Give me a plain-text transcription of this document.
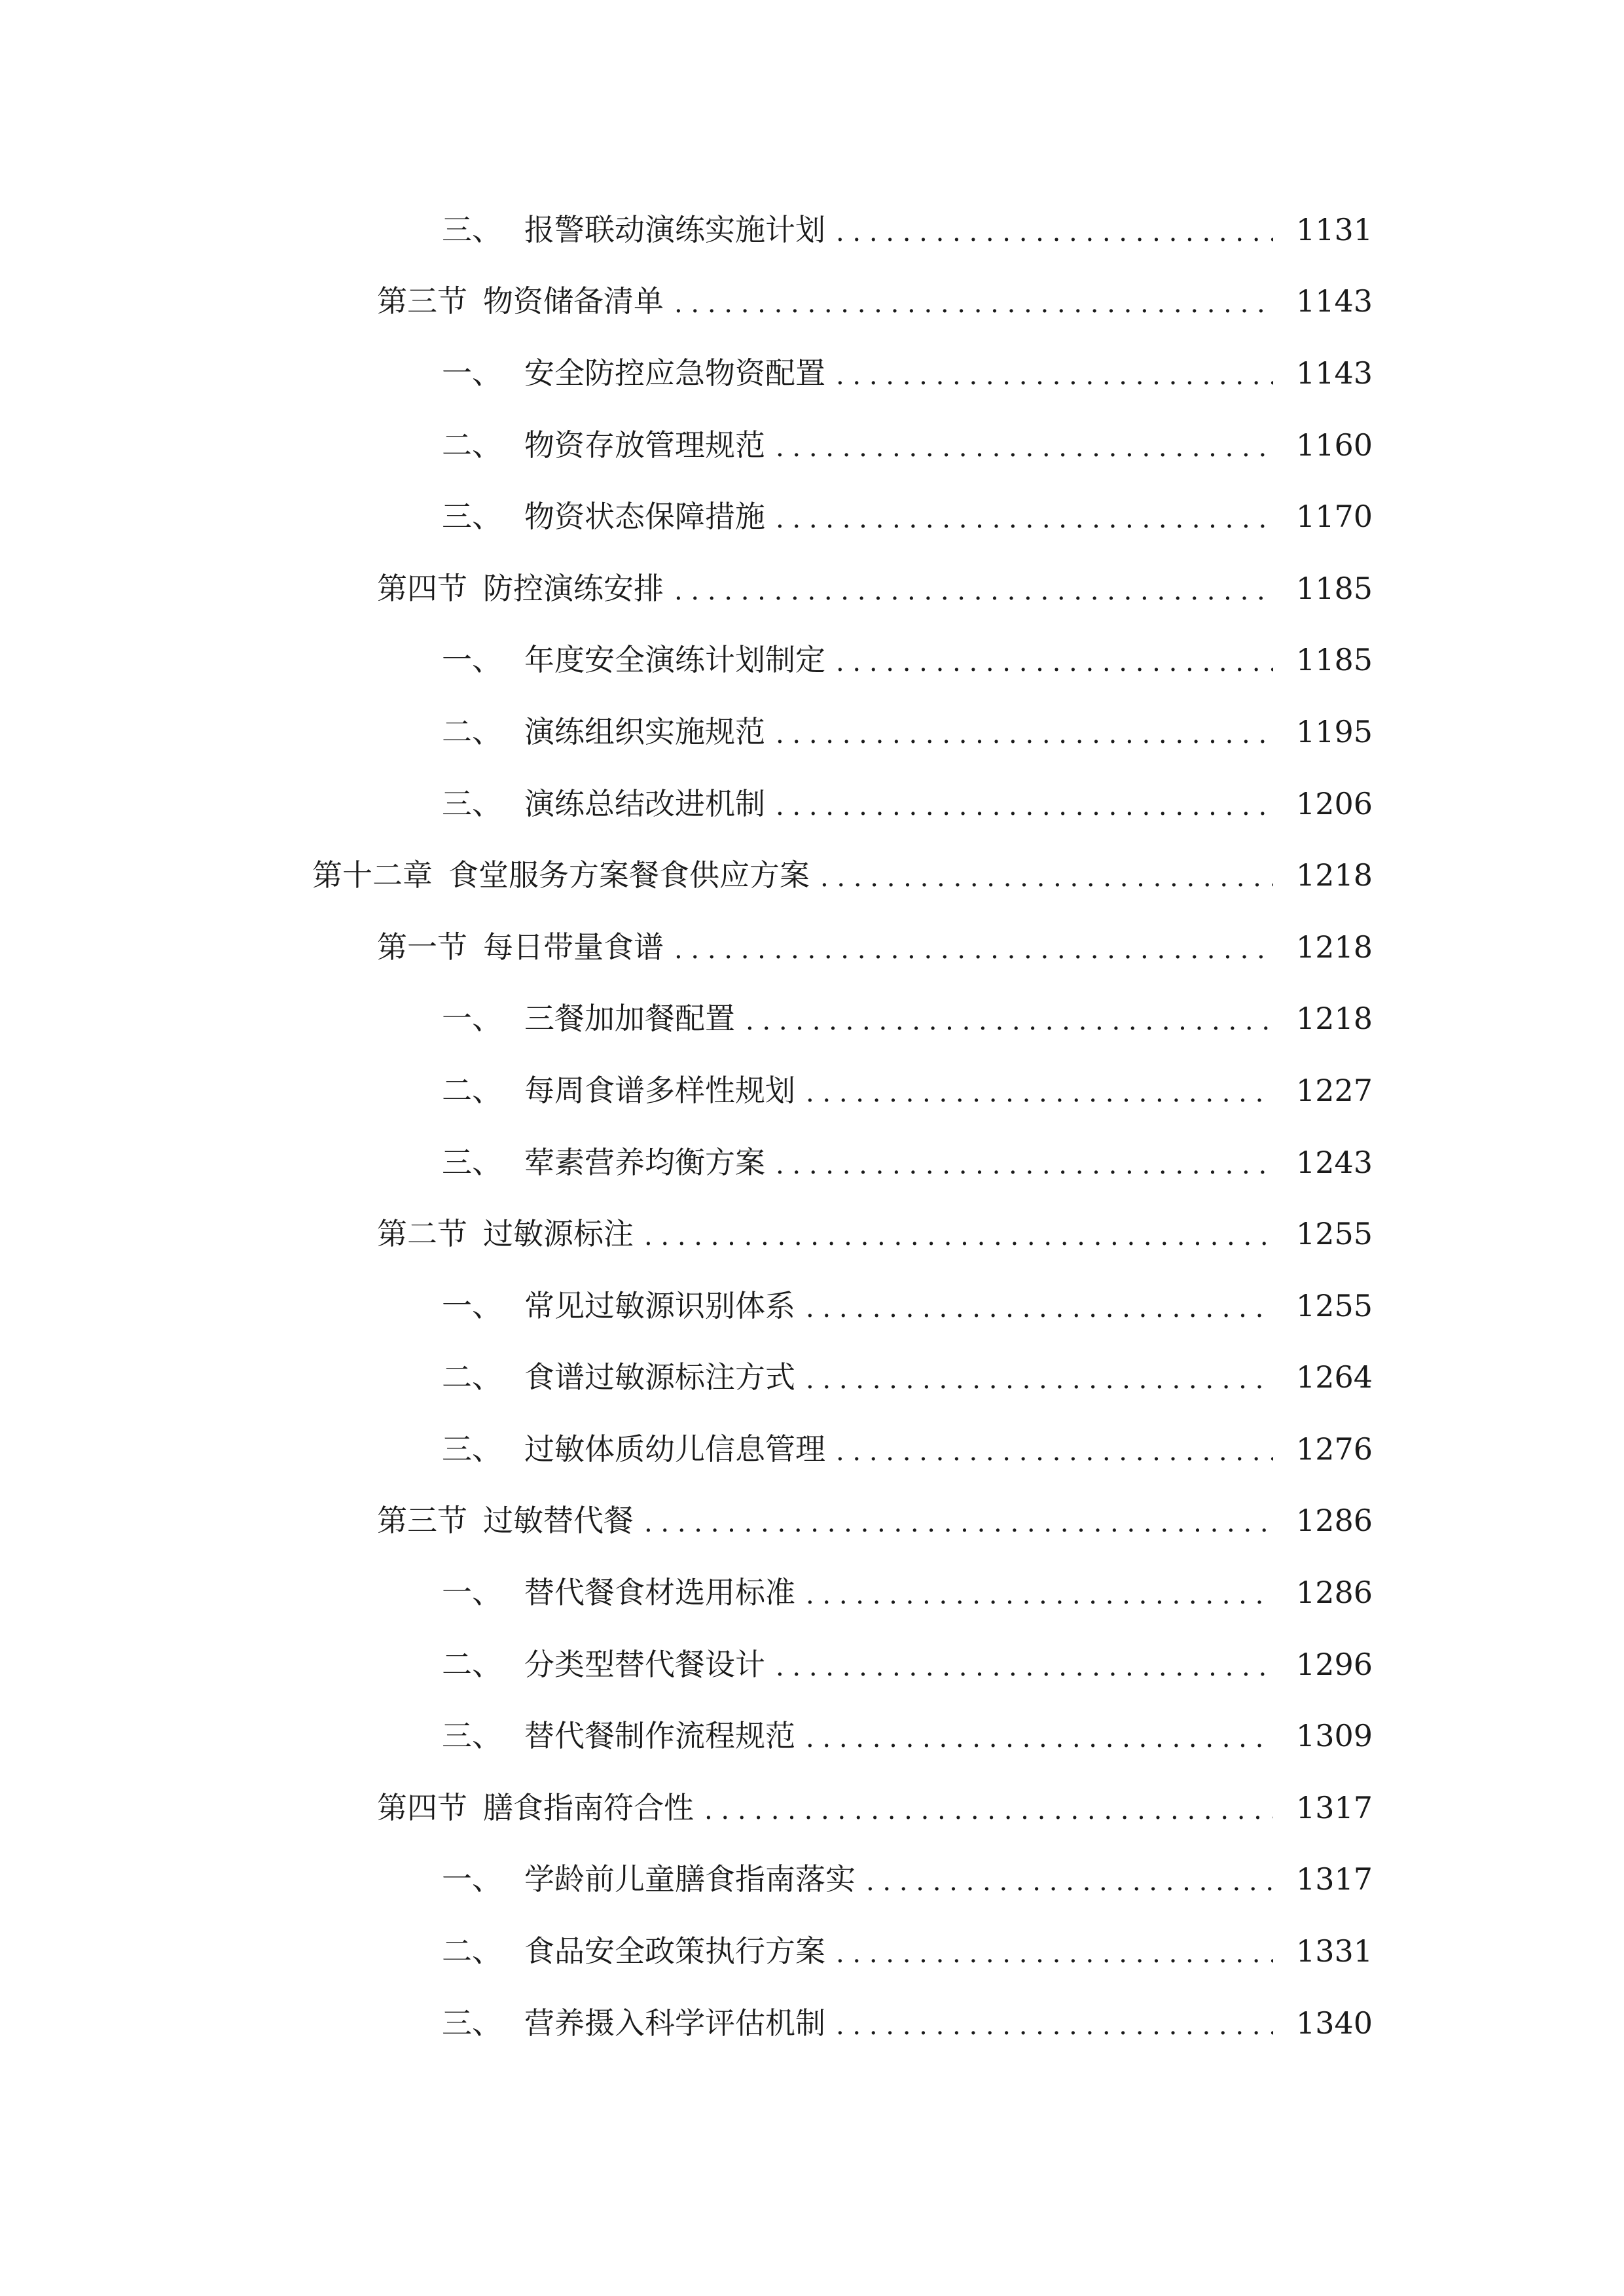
三、 报警联动演练实施计划 . . .	1131
第三节 物资储备清单 . . .	1143
一、 安全防控应急物资配置 . . .	1143
二、 物资存放管理规范 . . .	1160
三、 物资状态保障措施 . . .	1170
第四节 防控演练安排 . . .	1185
一、 年度安全演练计划制定 . . .	1185
二、 演练组织实施规范 . . .	1195
三、 演练总结改进机制 . . .	1206
第十二章 食堂服务方案餐食供应方案 . . .	1218
第一节 每日带量食谱 . . .	1218
一、 三餐加加餐配置 . . .	1218
二、 每周食谱多样性规划 . . .	1227
三、 荤素营养均衡方案 . . .	1243
第二节 过敏源标注 . . .	1255
一、 常见过敏源识别体系 . . .	1255
二、 食谱过敏源标注方式 . . .	1264
三、 过敏体质幼儿信息管理 . . .	1276
第三节 过敏替代餐 . . .	1286
一、 替代餐食材选用标准 . . .	1286
二、 分类型替代餐设计 . . .	1296
三、 替代餐制作流程规范 . . .	1309
第四节 膳食指南符合性 . . .	1317
一、 学龄前儿童膳食指南落实 . . .	1317
二、 食品安全政策执行方案 . . .	1331
三、 营养摄入科学评估机制 . . .	1340
